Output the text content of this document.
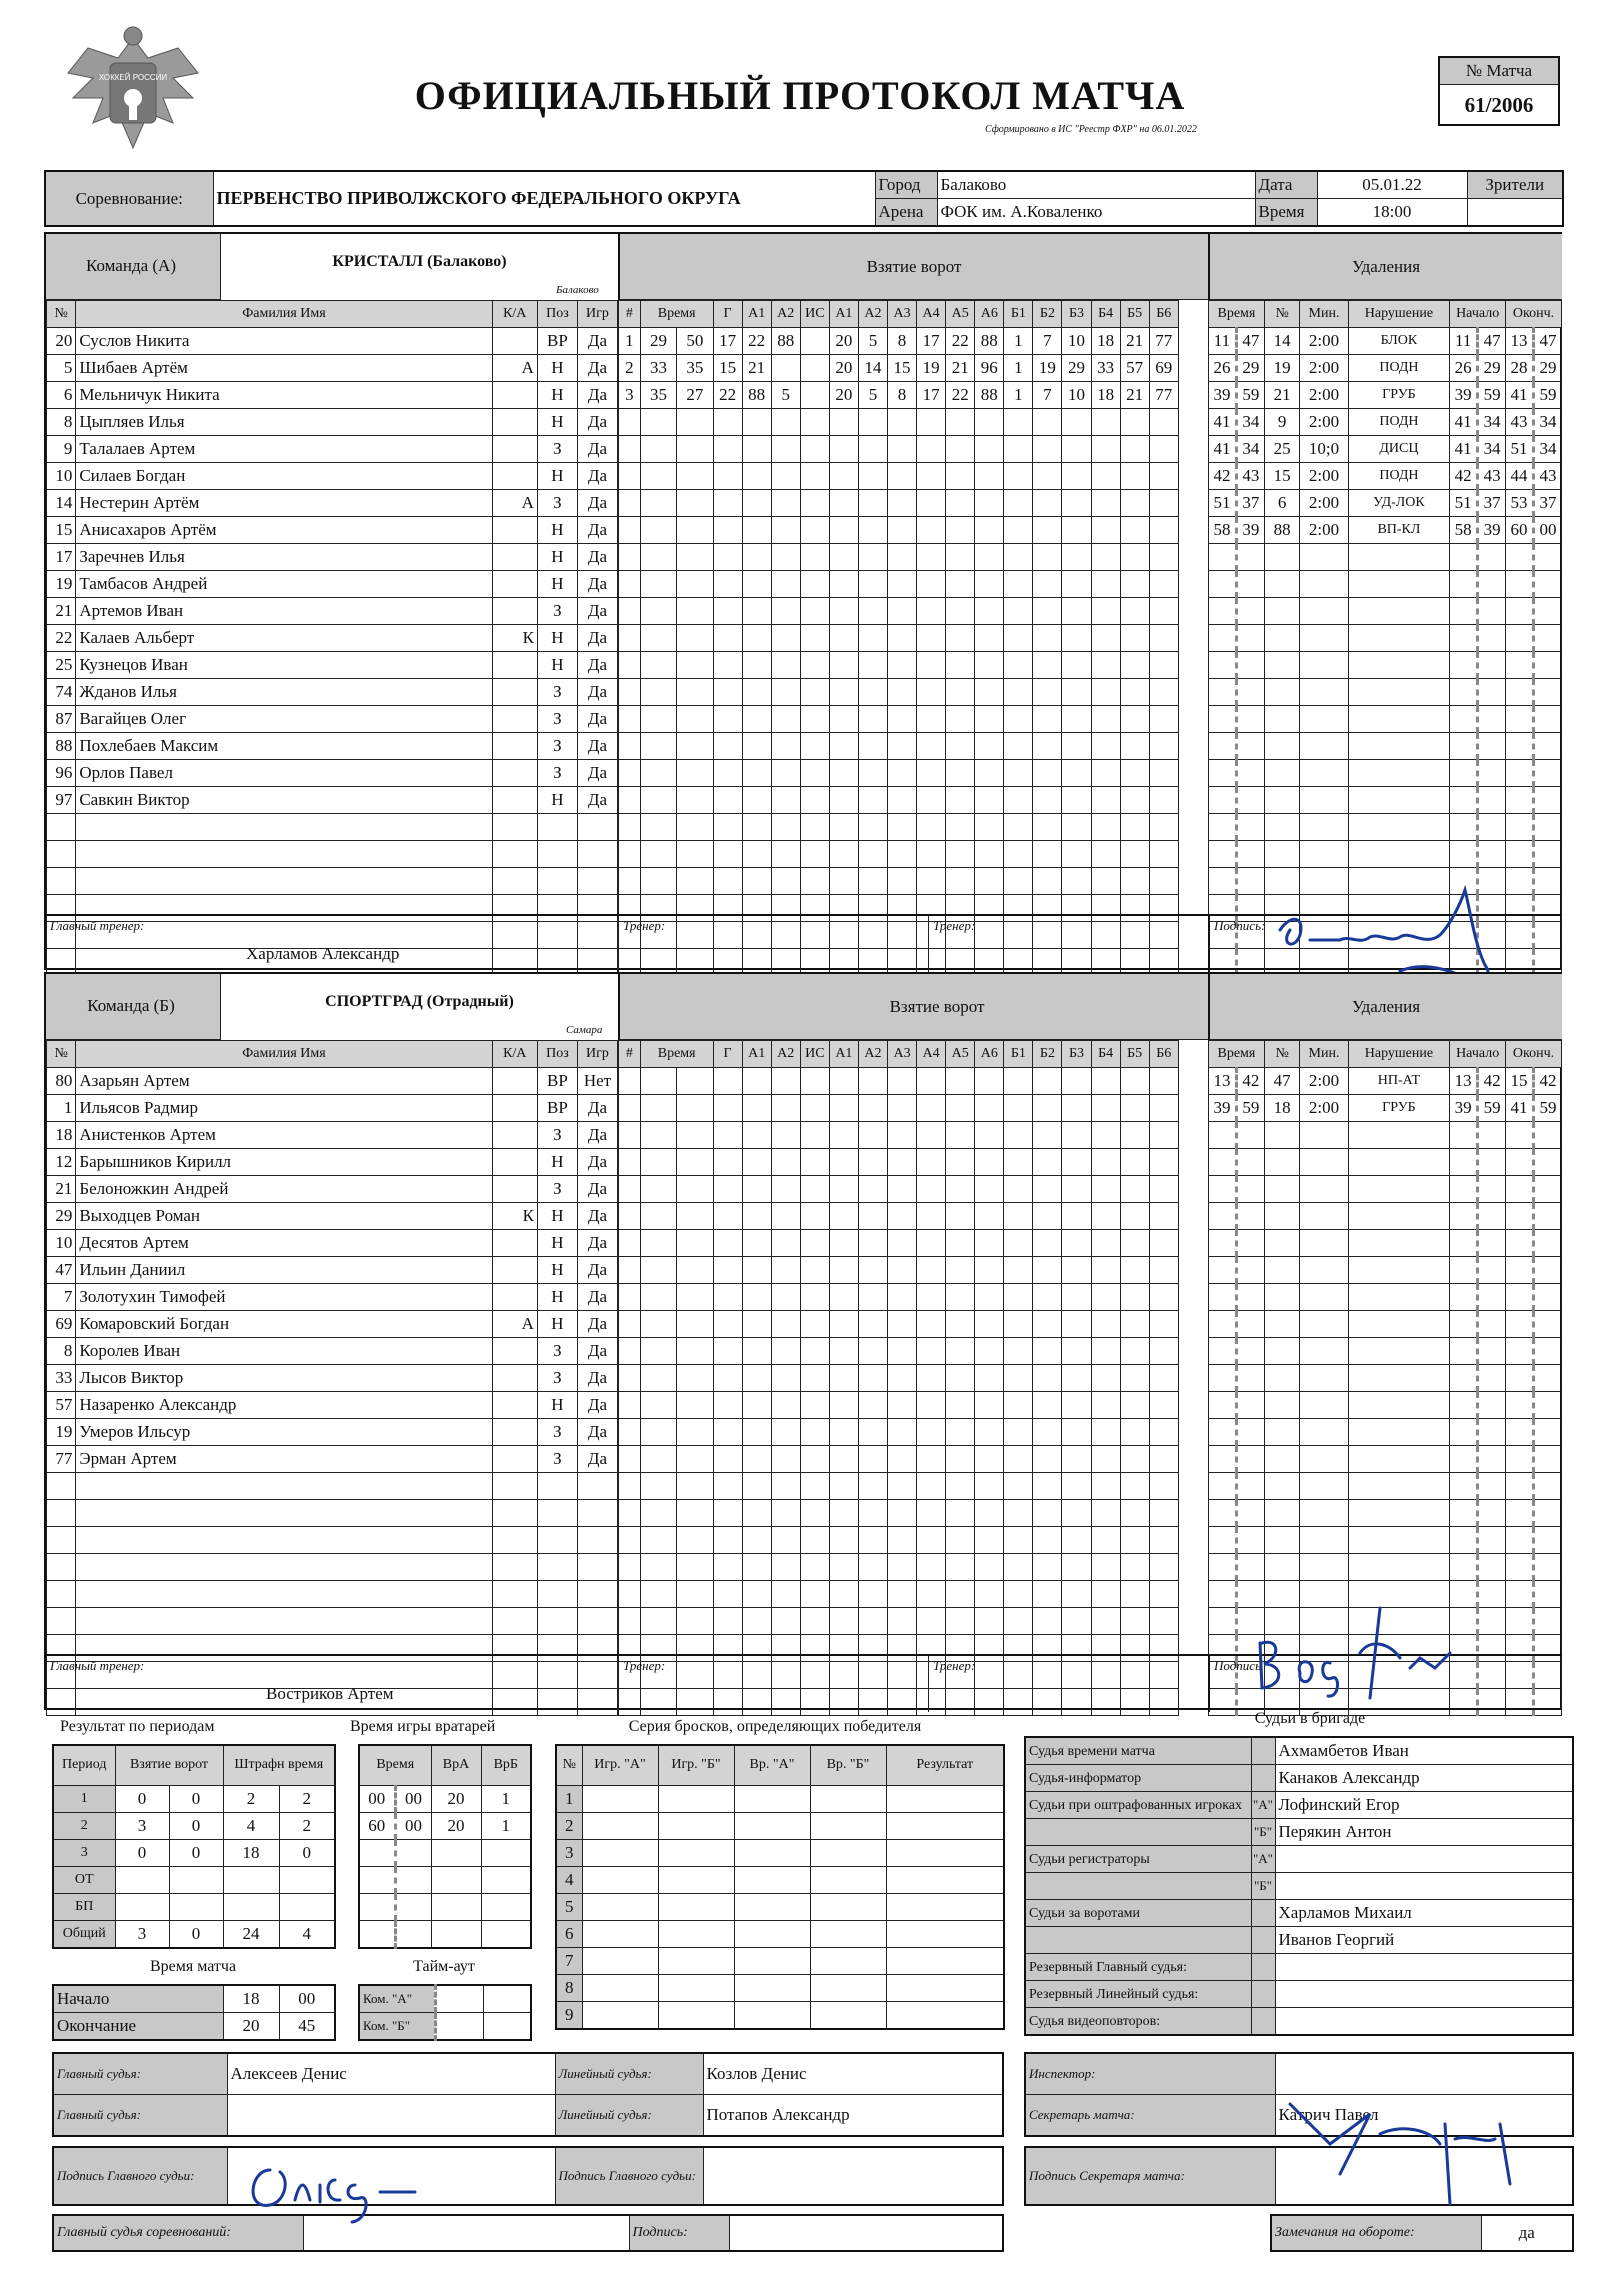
ХОККЕЙ РОССИИ	ОФИЦИАЛЬНЫЙ ПРОТОКОЛ МАТЧА
Сформировано в ИС "Реестр ФХР" на 06.01.2022
№ Матча
61/2006
Соревнование:	ПЕРВЕНСТВО ПРИВОЛЖСКОГО ФЕДЕРАЛЬНОГО ОКРУГА	Город	Балаково	Дата	05.01.22	Зрители
		Арена	ФОК им. А.Коваленко	Время	18:00	
Команда (А)	КРИСТАЛЛ (Балаково)
Балаково
Взятие ворот	Удаления
№	Фамилия Имя	К/А	Поз	Игр
20	Суслов Никита		ВР	Да
5	Шибаев Артём	А	Н	Да
6	Мельничук Никита		Н	Да
8	Цыпляев Илья		Н	Да
9	Талалаев Артем		З	Да
10	Силаев Богдан		Н	Да
14	Нестерин Артём	А	З	Да
15	Анисахаров Артём		Н	Да
17	Заречнев Илья		Н	Да
19	Тамбасов Андрей		Н	Да
21	Артемов Иван		З	Да
22	Калаев Альберт	К	Н	Да
25	Кузнецов Иван		Н	Да
74	Жданов Илья		З	Да
87	Вагайцев Олег		З	Да
88	Похлебаев Максим		З	Да
96	Орлов Павел		З	Да
97	Савкин Виктор		Н	Да

#	Время		Г	А1	А2	ИС	А1	А2	А3	А4	А5	А6	Б1	Б2	Б3	Б4	Б5	Б6
1	29	50	17	22	88		20	5	8	17	22	88	1	7	10	18	21	77
2	33	35	15	21			20	14	15	19	21	96	1	19	29	33	57	69
3	35	27	22	88	5		20	5	8	17	22	88	1	7	10	18	21	77

Время		№	Мин.	Нарушение	Начало		Оконч.	
11	47	14	2:00	БЛОК	11	47	13	47
26	29	19	2:00	ПОДН	26	29	28	29
39	59	21	2:00	ГРУБ	39	59	41	59
41	34	9	2:00	ПОДН	41	34	43	34
41	34	25	10;0	ДИСЦ	41	34	51	34
42	43	15	2:00	ПОДН	42	43	44	43
51	37	6	2:00	УД-ЛОК	51	37	53	37
58	39	88	2:00	ВП-КЛ	58	39	60	00

Главный тренер:
Харламов Александр
Тренер:	Тренер:	Подпись:
Команда (Б)	СПОРТГРАД (Отрадный)
Самара
Взятие ворот	Удаления
№	Фамилия Имя	К/А	Поз	Игр
80	Азарьян Артем		ВР	Нет
1	Ильясов Радмир		ВР	Да
18	Анистенков Артем		З	Да
12	Барышников Кирилл		Н	Да
21	Белоножкин Андрей		З	Да
29	Выходцев Роман	К	Н	Да
10	Десятов Артем		Н	Да
47	Ильин Даниил		Н	Да
7	Золотухин Тимофей		Н	Да
69	Комаровский Богдан	А	Н	Да
8	Королев Иван		З	Да
33	Лысов Виктор		З	Да
57	Назаренко Александр		Н	Да
19	Умеров Ильсур		З	Да
77	Эрман Артем		З	Да

#	Время		Г	А1	А2	ИС	А1	А2	А3	А4	А5	А6	Б1	Б2	Б3	Б4	Б5	Б6

																			Время		№	Мин.	Нарушение	Начало		Оконч.	
13	42	47	2:00	НП-АТ	13	42	15	42
39	59	18	2:00	ГРУБ	39	59	41	59

Главный тренер:
Востриков Артем
Тренер:	Тренер:	Подпись
Результат по периодам
Период	Взятие ворот		Штрафн время	
1	0	0	2	2
2	3	0	4	2
3	0	0	18	0
ОТ				
БП				
Общий	3	0	24	4
Время игры вратарей
Время		ВрА	ВрБ
00	00	20	1
60	00	20	1

Время матча
Начало	18	00
Окончание	20	45
Тайм-аут
Ком. "А"		
Ком. "Б"		
Серия бросков, определяющих победителя
№	Игр. "А"	Игр. "Б"	Вр. "А"	Вр. "Б"	Результат
1					
2					
3					
4					
5					
6					
7					
8					
9					
Судьи в бригаде
Судья времени матча		Ахмамбетов Иван
Судья-информатор		Канаков Александр
Судьи при оштрафованных игроках	"А"	Лофинский Егор
	"Б"	Перякин Антон
Судьи регистраторы	"А"	
	"Б"	
Судьи за воротами		Харламов Михаил
		Иванов Георгий
Резервный Главный судья:		
Резервный Линейный судья:		
Судья видеоповторов:		
Главный судья:	Алексеев Денис	Линейный судья:	Козлов Денис
Главный судья:		Линейный судья:	Потапов Александр
Инспектор:	
Секретарь матча:	Катрич Павел
Подпись Главного судьи:		Подпись Главного судьи:		Подпись Секретаря матча:	
Главный судья соревнований:		Подпись:		Замечания на обороте:	да
